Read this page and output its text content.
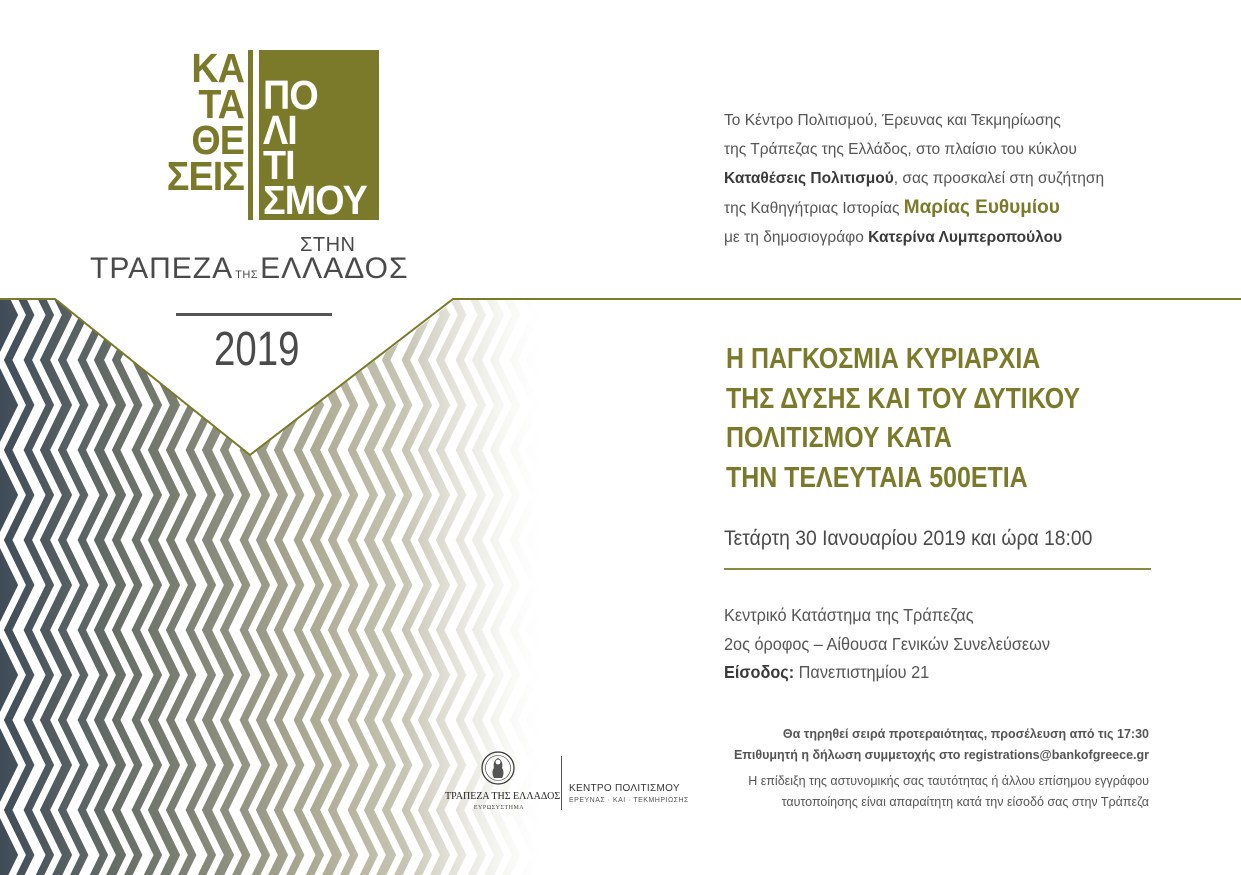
ΚΑ
ΤΑ
ΘΕ
ΣΕΙΣ
ΠΟ
ΛΙ
ΤΙ
ΣΜΟΥ
ΣΤΗΝ
ΤΡΑΠΕΖΑ ΤΗΣΕΛΛΑΔΟΣ
2019
Το Κέντρο Πολιτισμού, Έρευνας και Τεκμηρίωσης
της Τράπεζας της Ελλάδος, στο πλαίσιο του κύκλου
Καταθέσεις Πολιτισμού, σας προσκαλεί στη συζήτηση
της Καθηγήτριας Ιστορίας Μαρίας Ευθυμίου
με τη δημοσιογράφο Κατερίνα Λυμπεροπούλου
Η ΠΑΓΚΟΣΜΙΑ ΚΥΡΙΑΡΧΙΑ
ΤΗΣ ΔΥΣΗΣ ΚΑΙ ΤΟΥ ΔΥΤΙΚΟΥ
ΠΟΛΙΤΙΣΜΟΥ ΚΑΤΑ
ΤΗΝ ΤΕΛΕΥΤΑΙΑ 500ΕΤΙΑ
Τετάρτη 30 Ιανουαρίου 2019 και ώρα 18:00
Κεντρικό Κατάστημα της Τράπεζας
2ος όροφος – Αίθουσα Γενικών Συνελεύσεων
Είσοδος: Πανεπιστημίου 21
Θα τηρηθεί σειρά προτεραιότητας, προσέλευση από τις 17:30
Επιθυμητή η δήλωση συμμετοχής στο registrations@bankofgreece.gr
Η επίδειξη της αστυνομικής σας ταυτότητας ή άλλου επίσημου εγγράφου
ταυτοποίησης είναι απαραίτητη κατά την είσοδό σας στην Τράπεζα
ΤΡΑΠΕΖΑ ΤΗΣ ΕΛΛΑΔΟΣ
ΕΥΡΩΣΥΣΤΗΜΑ
ΚΕΝΤΡΟ ΠΟΛΙΤΙΣΜΟΥ
ΕΡΕΥΝΑΣ · ΚΑΙ · ΤΕΚΜΗΡΙΩΣΗΣ
